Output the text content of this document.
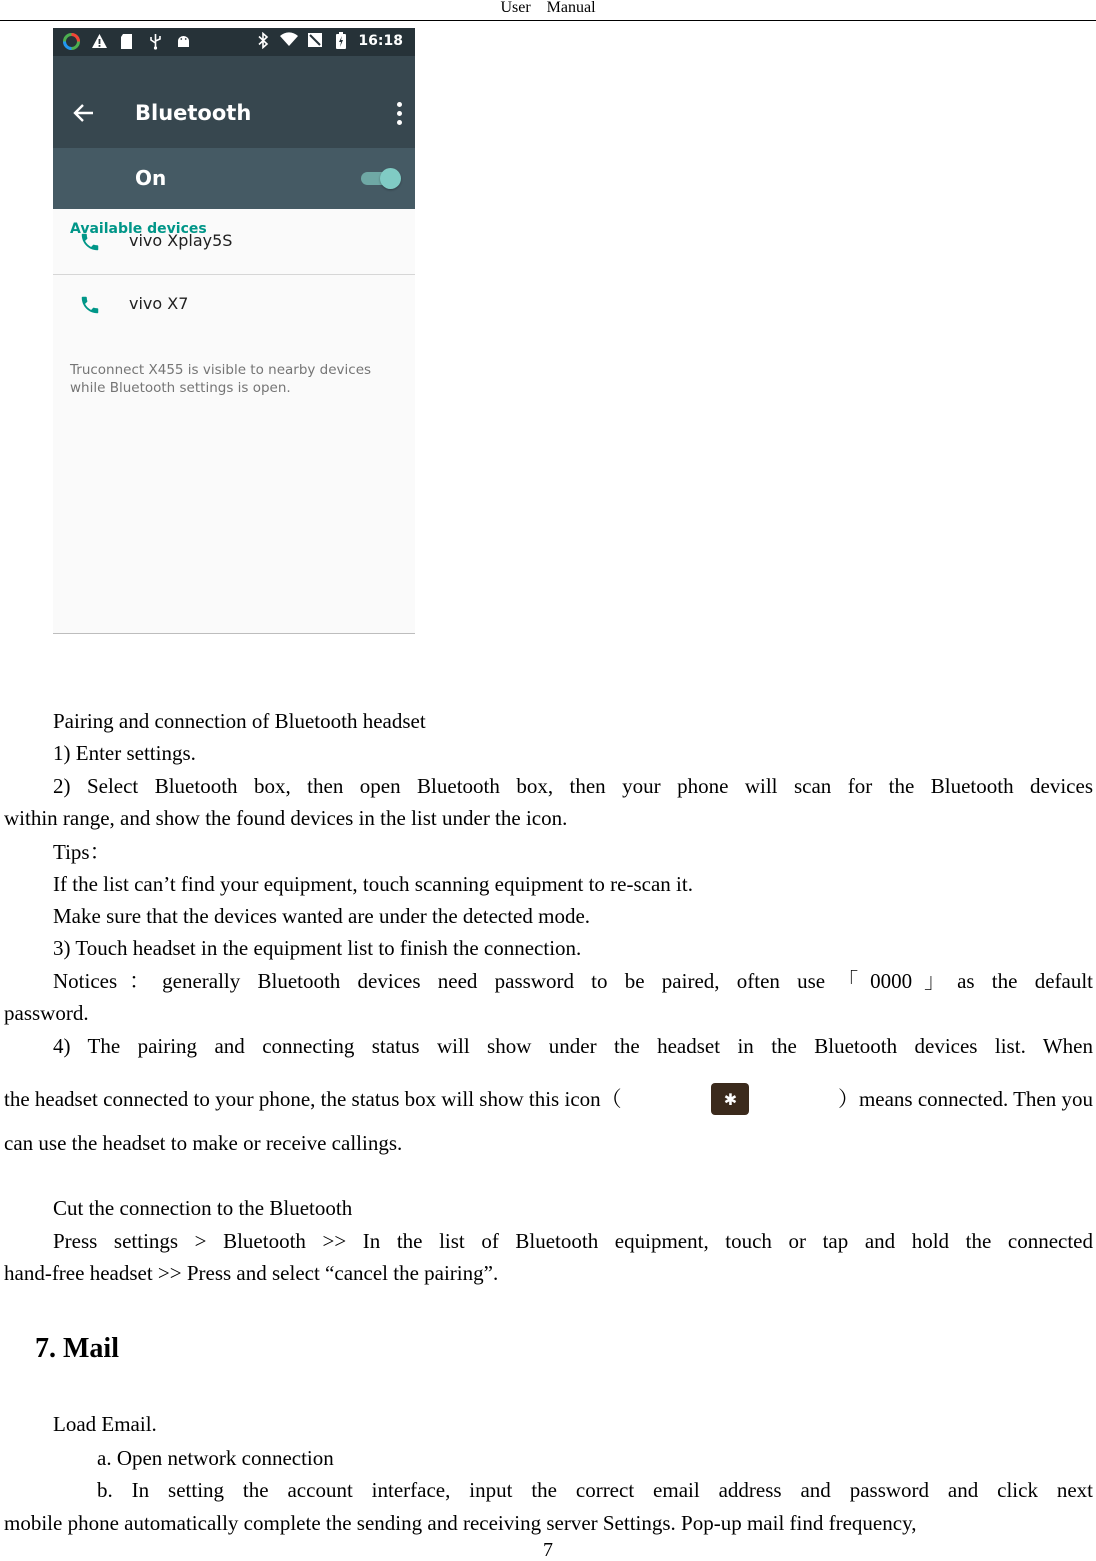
User Manual
16:18
Bluetooth
On
Available devices
vivo Xplay5S
vivo X7
Truconnect X455 is visible to nearby devices while Bluetooth settings is open.
Pairing and connection of Bluetooth headset
1) Enter settings.
2) Select Bluetooth box, then open Bluetooth box, then your phone will scan for the Bluetooth devices
within range, and show the found devices in the list under the icon.
Tips：
If the list can’t find your equipment, touch scanning equipment to re-scan it.
Make sure that the devices wanted are under the detected mode.
3) Touch headset in the equipment list to finish the connection.
Notices：generally Bluetooth devices need password to be paired, often use「0000」as the default
password.
4) The pairing and connecting status will show under the headset in the Bluetooth devices list. When
the headset connected to your phone, the status box will show this icon（	✱	）means connected. Then you
can use the headset to make or receive callings.
Cut the connection to the Bluetooth
Press settings > Bluetooth >> In the list of Bluetooth equipment, touch or tap and hold the connected
hand-free headset >> Press and select “cancel the pairing”.
7. Mail
Load Email.
a. Open network connection
b. In setting the account interface, input the correct email address and password and click next
mobile phone automatically complete the sending and receiving server Settings. Pop-up mail find frequency,
7
